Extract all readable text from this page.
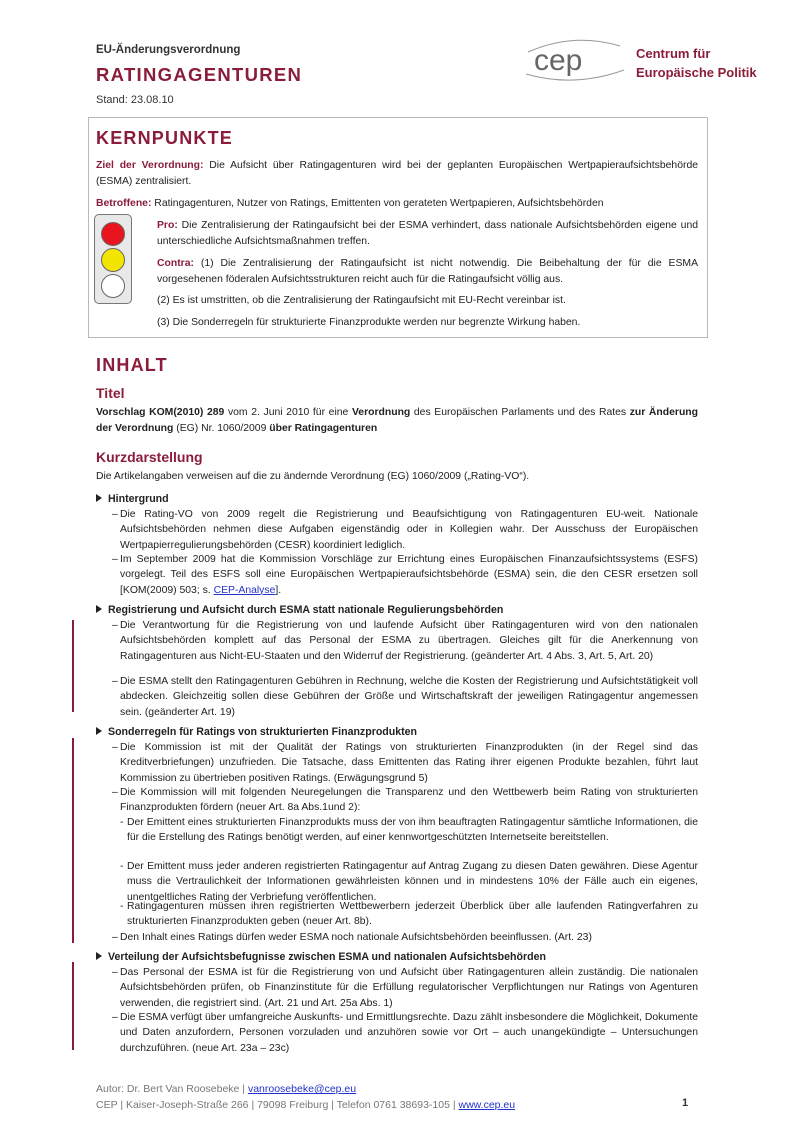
EU-Änderungsverordnung
RATINGAGENTUREN
Stand: 23.08.10
cep	Centrum für
Europäische Politik
KERNPUNKTE
Ziel der Verordnung: Die Aufsicht über Ratingagenturen wird bei der geplanten Europäischen Wertpapieraufsichtsbehörde (ESMA) zentralisiert.
Betroffene: Ratingagenturen, Nutzer von Ratings, Emittenten von gerateten Wertpapieren, Aufsichtsbehörden
Pro: Die Zentralisierung der Ratingaufsicht bei der ESMA verhindert, dass nationale Aufsichtsbehörden eigene und unterschiedliche Aufsichtsmaßnahmen treffen.
Contra: (1) Die Zentralisierung der Ratingaufsicht ist nicht notwendig. Die Beibehaltung der für die ESMA vorgesehenen föderalen Aufsichtsstrukturen reicht auch für die Ratingaufsicht völlig aus.
(2) Es ist umstritten, ob die Zentralisierung der Ratingaufsicht mit EU-Recht vereinbar ist.
(3) Die Sonderregeln für strukturierte Finanzprodukte werden nur begrenzte Wirkung haben.
INHALT
Titel
Vorschlag KOM(2010) 289 vom 2. Juni 2010 für eine Verordnung des Europäischen Parlaments und des Rates zur Änderung der Verordnung (EG) Nr. 1060/2009 über Ratingagenturen
Kurzdarstellung
Die Artikelangaben verweisen auf die zu ändernde Verordnung (EG) 1060/2009 („Rating-VO“).
Hintergrund
– Die Rating-VO von 2009 regelt die Registrierung und Beaufsichtigung von Ratingagenturen EU-weit. Nationale Aufsichtsbehörden nehmen diese Aufgaben eigenständig oder in Kollegien wahr. Der Ausschuss der Europäischen Wertpapierregulierungsbehörden (CESR) koordiniert lediglich.
– Im September 2009 hat die Kommission Vorschläge zur Errichtung eines Europäischen Finanzaufsichtssystems (ESFS) vorgelegt. Teil des ESFS soll eine Europäischen Wertpapieraufsichtsbehörde (ESMA) sein, die den CESR ersetzen soll [KOM(2009) 503; s. CEP-Analyse].
Registrierung und Aufsicht durch ESMA statt nationale Regulierungsbehörden
– Die Verantwortung für die Registrierung von und laufende Aufsicht über Ratingagenturen wird von den nationalen Aufsichtsbehörden komplett auf das Personal der ESMA zu übertragen. Gleiches gilt für die Anerkennung von Ratingagenturen aus Nicht-EU-Staaten und den Widerruf der Registrierung. (geänderter Art. 4 Abs. 3, Art. 5, Art. 20)
– Die ESMA stellt den Ratingagenturen Gebühren in Rechnung, welche die Kosten der Registrierung und Aufsichtstätigkeit voll abdecken. Gleichzeitig sollen diese Gebühren der Größe und Wirtschaftskraft der jeweiligen Ratingagentur angemessen sein. (geänderter Art. 19)
Sonderregeln für Ratings von strukturierten Finanzprodukten
– Die Kommission ist mit der Qualität der Ratings von strukturierten Finanzprodukten (in der Regel sind das Kreditverbriefungen) unzufrieden. Die Tatsache, dass Emittenten das Rating ihrer eigenen Produkte bezahlen, führt laut Kommission zu übertrieben positiven Ratings. (Erwägungsgrund 5)
– Die Kommission will mit folgenden Neuregelungen die Transparenz und den Wettbewerb beim Rating von strukturierten Finanzprodukten fördern (neuer Art. 8a Abs.1und 2):
- Der Emittent eines strukturierten Finanzprodukts muss der von ihm beauftragten Ratingagentur sämtliche Informationen, die für die Erstellung des Ratings benötigt werden, auf einer kennwortgeschützten Internetseite bereitstellen.
- Der Emittent muss jeder anderen registrierten Ratingagentur auf Antrag Zugang zu diesen Daten gewähren. Diese Agentur muss die Vertraulichkeit der Informationen gewährleisten können und in mindestens 10% der Fälle auch ein eigenes, unentgeltliches Rating der Verbriefung veröffentlichen.
- Ratingagenturen müssen ihren registrierten Wettbewerbern jederzeit Überblick über alle laufenden Ratingverfahren zu strukturierten Finanzprodukten geben (neuer Art. 8b).
– Den Inhalt eines Ratings dürfen weder ESMA noch nationale Aufsichtsbehörden beeinflussen. (Art. 23)
Verteilung der Aufsichtsbefugnisse zwischen ESMA und nationalen Aufsichtsbehörden
– Das Personal der ESMA ist für die Registrierung von und Aufsicht über Ratingagenturen allein zuständig. Die nationalen Aufsichtsbehörden prüfen, ob Finanzinstitute für die Erfüllung regulatorischer Verpflichtungen nur Ratings von Agenturen verwenden, die registriert sind. (Art. 21 und Art. 25a Abs. 1)
– Die ESMA verfügt über umfangreiche Auskunfts- und Ermittlungsrechte. Dazu zählt insbesondere die Möglichkeit, Dokumente und Daten anzufordern, Personen vorzuladen und anzuhören sowie vor Ort – auch unangekündigte – Untersuchungen durchzuführen. (neue Art. 23a – 23c)
Autor: Dr. Bert Van Roosebeke | vanroosebeke@cep.eu
CEP | Kaiser-Joseph-Straße 266 | 79098 Freiburg | Telefon 0761 38693-105 | www.cep.eu	1
